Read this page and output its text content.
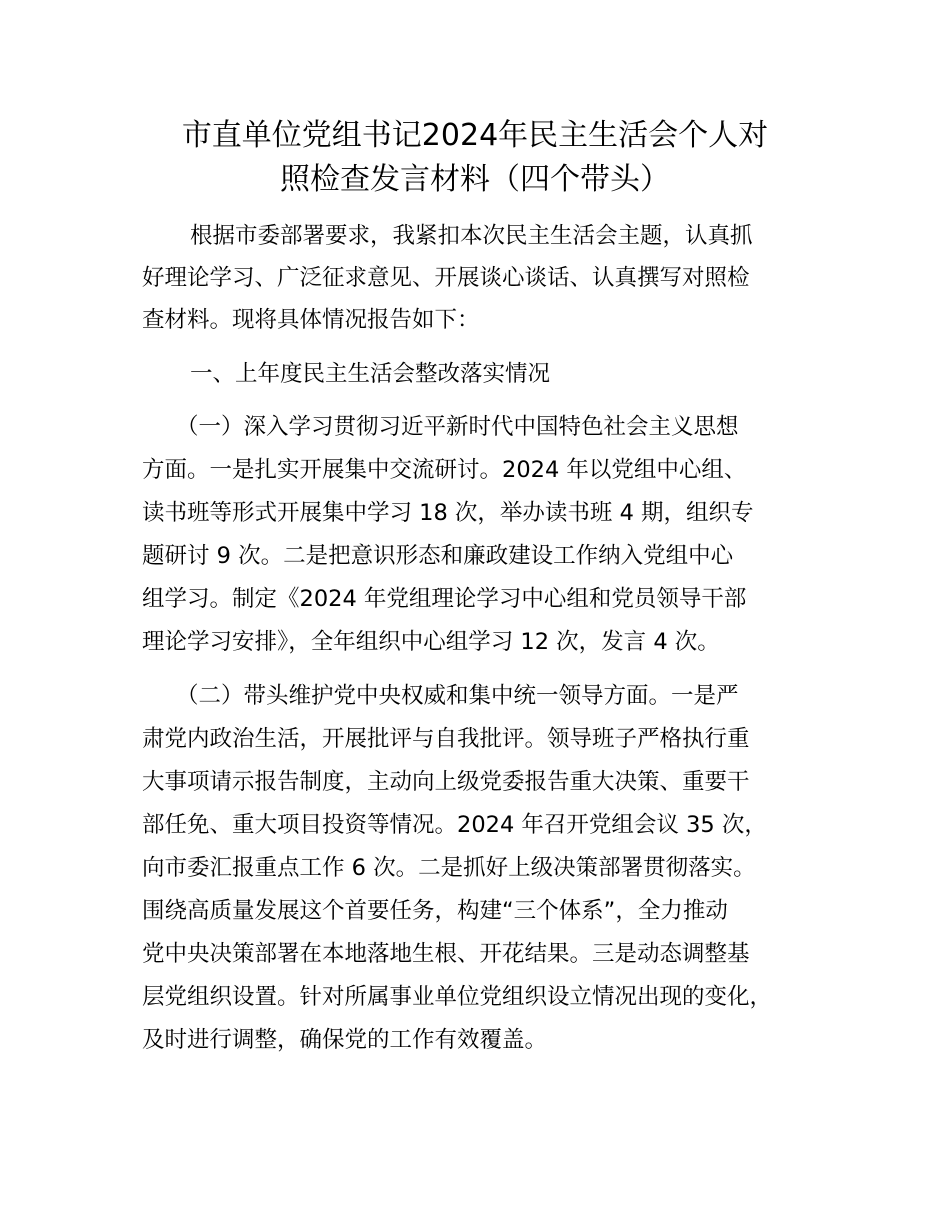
市直单位党组书记2024年民主生活会个人对
照检查发言材料（四个带头）
根据市委部署要求，我紧扣本次民主生活会主题，认真抓
好理论学习、广泛征求意见、开展谈心谈话、认真撰写对照检
查材料。现将具体情况报告如下：
一、上年度民主生活会整改落实情况
（一）深入学习贯彻习近平新时代中国特色社会主义思想
方面。一是扎实开展集中交流研讨。2024 年以党组中心组、
读书班等形式开展集中学习 18 次，举办读书班 4 期，组织专
题研讨 9 次。二是把意识形态和廉政建设工作纳入党组中心
组学习。制定《2024 年党组理论学习中心组和党员领导干部
理论学习安排》，全年组织中心组学习 12 次，发言 4 次。
（二）带头维护党中央权威和集中统一领导方面。一是严
肃党内政治生活，开展批评与自我批评。领导班子严格执行重
大事项请示报告制度，主动向上级党委报告重大决策、重要干
部任免、重大项目投资等情况。2024 年召开党组会议 35 次，
向市委汇报重点工作 6 次。二是抓好上级决策部署贯彻落实。
围绕高质量发展这个首要任务，构建“三个体系”，全力推动
党中央决策部署在本地落地生根、开花结果。三是动态调整基
层党组织设置。针对所属事业单位党组织设立情况出现的变化，
及时进行调整，确保党的工作有效覆盖。
